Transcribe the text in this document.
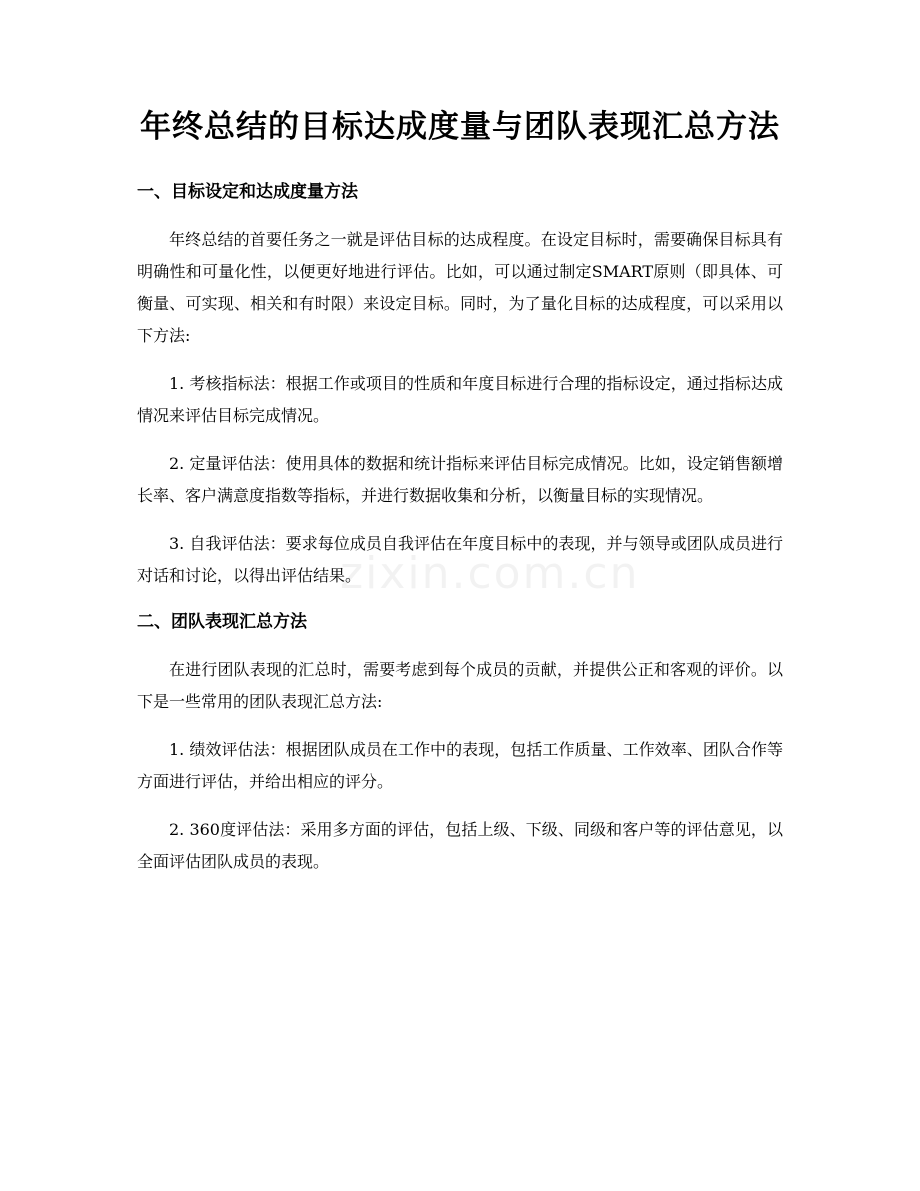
年终总结的目标达成度量与团队表现汇总方法
一、目标设定和达成度量方法

年终总结的首要任务之一就是评估目标的达成程度。在设定目标时，需要确保目标具有明确性和可量化性，以便更好地进行评估。比如，可以通过制定SMART原则（即具体、可衡量、可实现、相关和有时限）来设定目标。同时，为了量化目标的达成程度，可以采用以下方法:

1. 考核指标法：根据工作或项目的性质和年度目标进行合理的指标设定，通过指标达成情况来评估目标完成情况。

2. 定量评估法：使用具体的数据和统计指标来评估目标完成情况。比如，设定销售额增长率、客户满意度指数等指标，并进行数据收集和分析，以衡量目标的实现情况。

3. 自我评估法：要求每位成员自我评估在年度目标中的表现，并与领导或团队成员进行对话和讨论，以得出评估结果。

二、团队表现汇总方法

在进行团队表现的汇总时，需要考虑到每个成员的贡献，并提供公正和客观的评价。以下是一些常用的团队表现汇总方法:

1. 绩效评估法：根据团队成员在工作中的表现，包括工作质量、工作效率、团队合作等方面进行评估，并给出相应的评分。

2. 360度评估法：采用多方面的评估，包括上级、下级、同级和客户等的评估意见，以全面评估团队成员的表现。

zixin.com.cn
